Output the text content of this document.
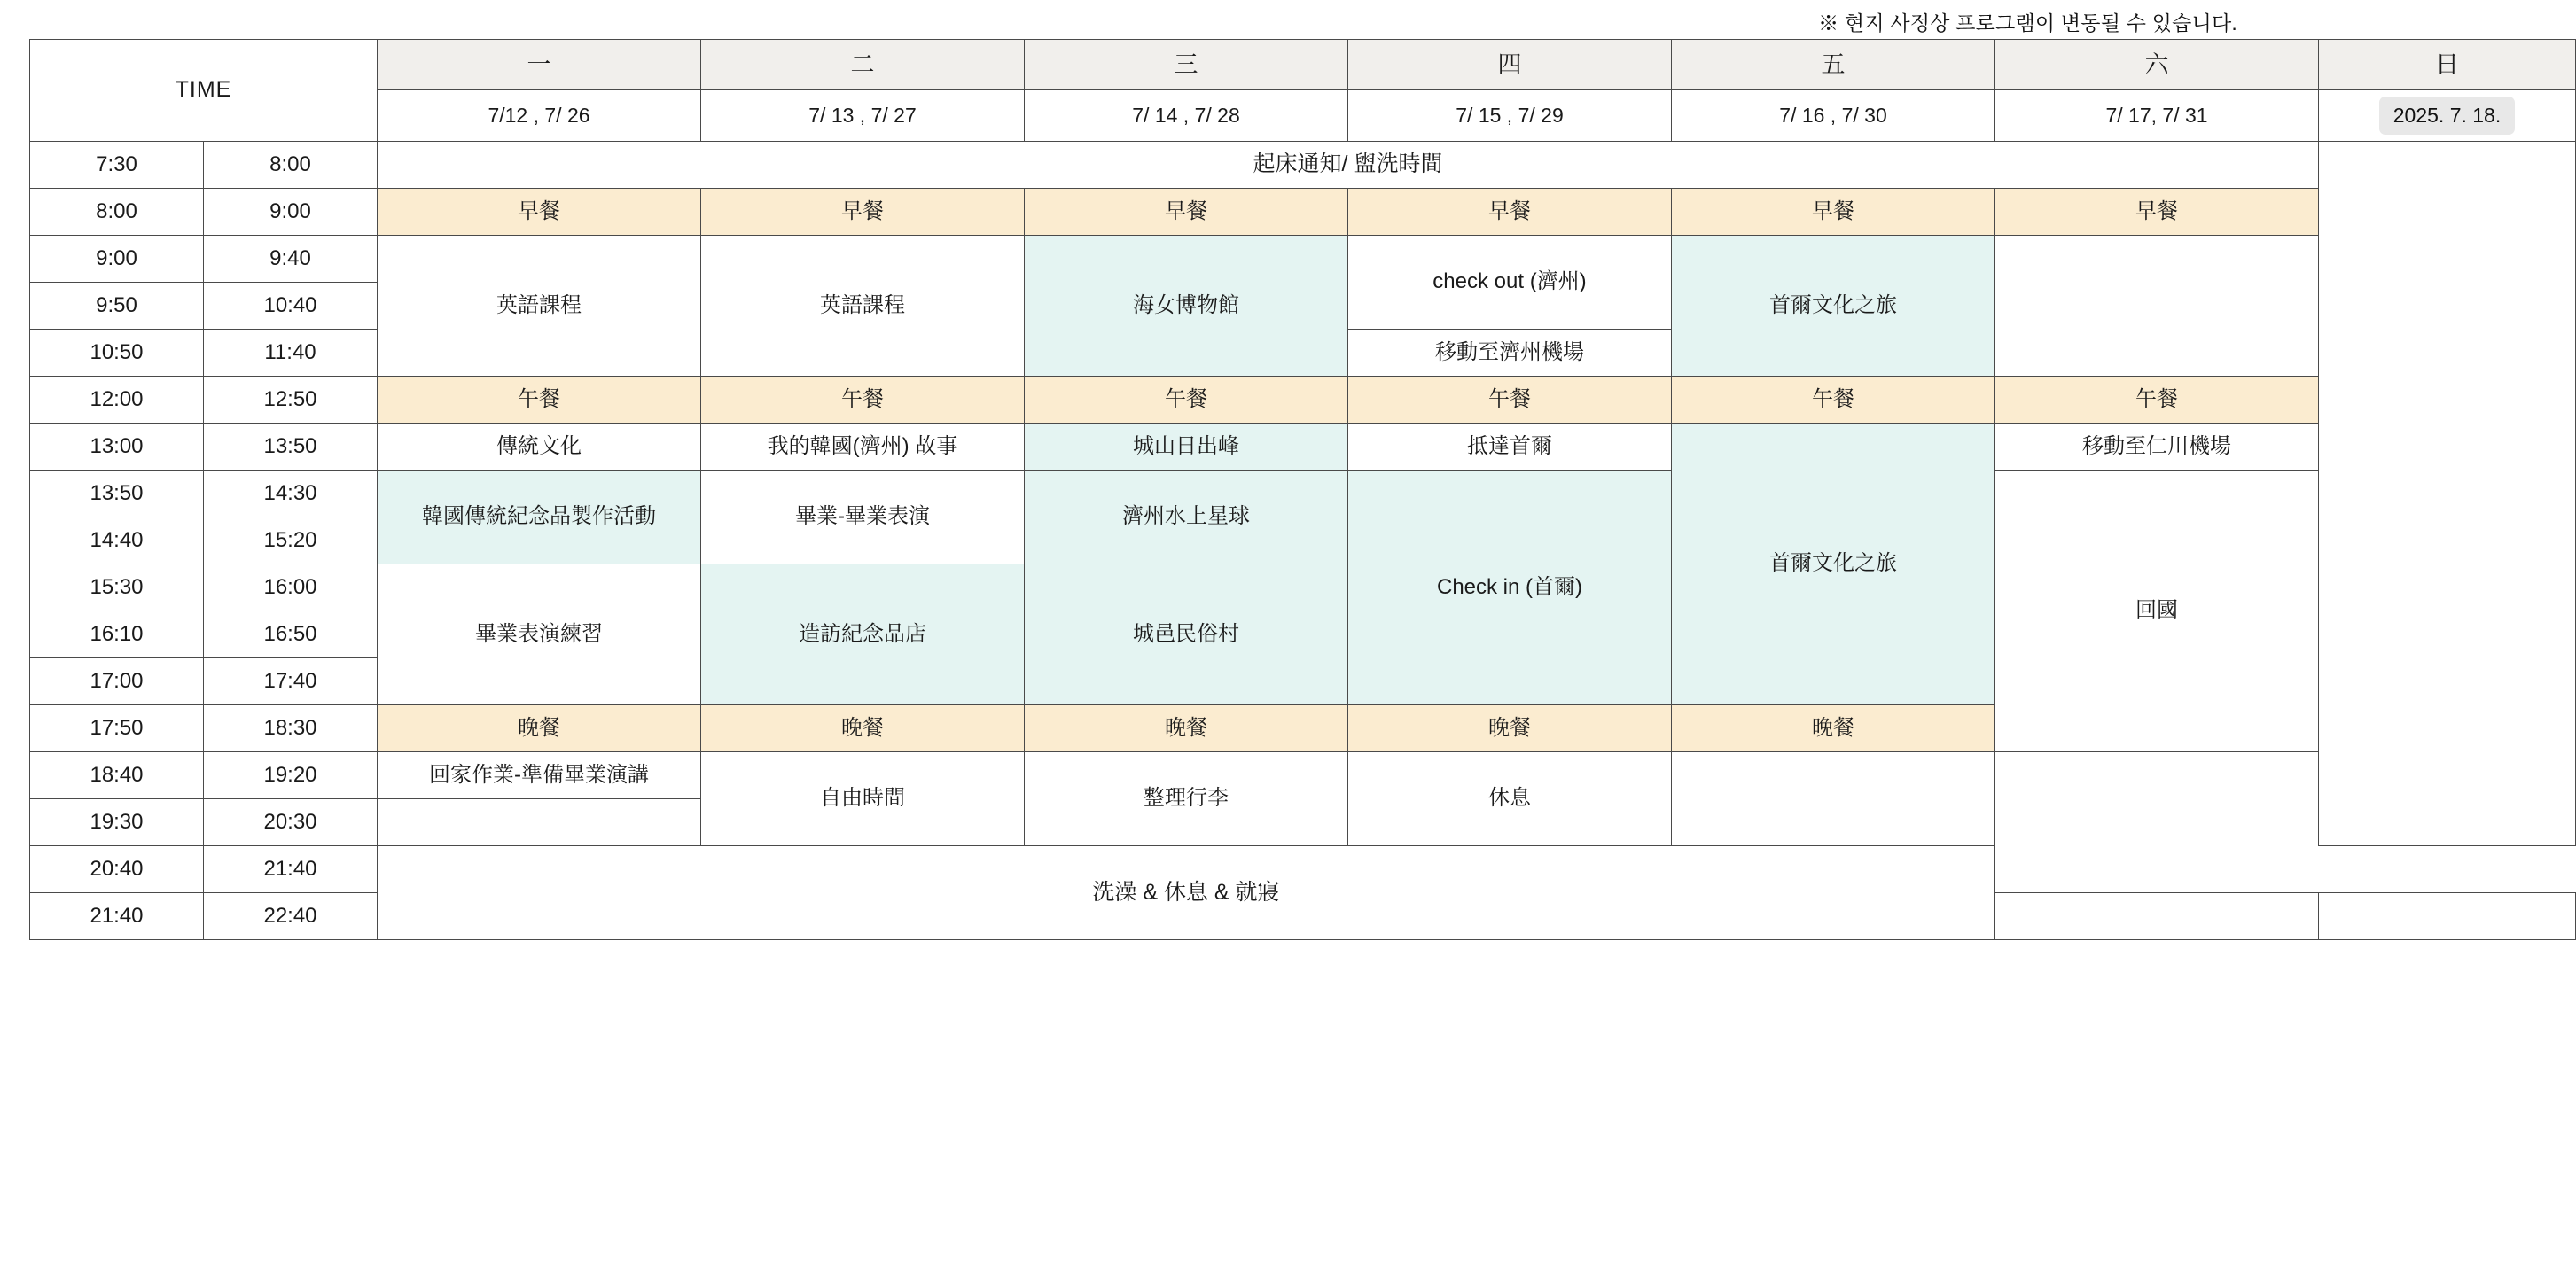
※ 현지 사정상 프로그램이 변동될 수 있습니다.
TIME		一	二	三	四	五	六	日
		7/12 , 7/ 26	7/ 13 , 7/ 27	7/ 14 , 7/ 28	7/ 15 , 7/ 29	7/ 16 , 7/ 30	7/ 17, 7/ 31	2025. 7. 18.
7:30	8:00	起床通知/ 盥洗時間						
8:00	9:00	早餐	早餐	早餐	早餐	早餐	早餐	
9:00	9:40	英語課程	英語課程	海女博物館	check out (濟州)	首爾文化之旅		
9:50	10:40							
10:50	11:40				移動至濟州機場			
12:00	12:50	午餐	午餐	午餐	午餐	午餐	午餐	
13:00	13:50	傳統文化	我的韓國(濟州) 故事	城山日出峰	抵達首爾	首爾文化之旅	移動至仁川機場	
13:50	14:30	韓國傳統紀念品製作活動	畢業-畢業表演	濟州水上星球	Check in (首爾)		回國	
14:40	15:20							
15:30	16:00	畢業表演練習	造訪紀念品店	城邑民俗村				
16:10	16:50							
17:00	17:40							
17:50	18:30	晚餐	晚餐	晚餐	晚餐	晚餐		
18:40	19:20	回家作業-準備畢業演講	自由時間	整理行李	休息			
19:30	20:30							
20:40	21:40	洗澡 & 休息 & 就寢						
21:40	22:40							
